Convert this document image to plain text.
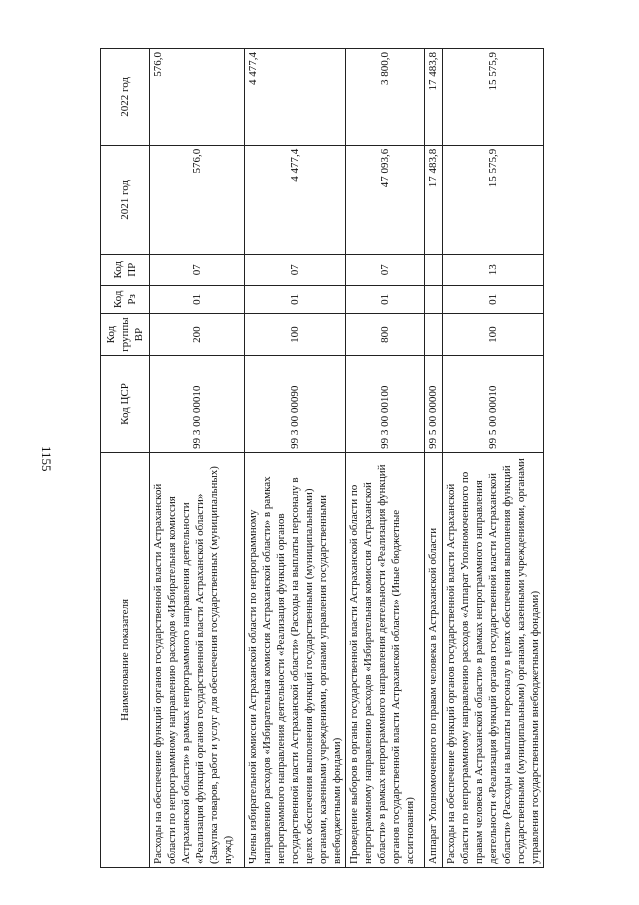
1155
Наименование показателя	Код ЦСР	Код группы ВР	Код Рз	Код ПР	2021 год	2022 год
Расходы на обеспечение функций органов государственной власти Астраханской области по непрограммному направлению расходов «Избирательная комиссия Астраханской области» в рамках непрограммного направления деятельности «Реализация функций органов государственной власти Астраханской области» (Закупка товаров, работ и услуг для обеспечения государственных (муниципальных) нужд)	99 3 00 00010	200	01	07	576,0	576,0
Члены избирательной комиссии Астраханской области по непрограммному направлению расходов «Избирательная комиссия Астраханской области» в рамках непрограммного направления деятельности «Реализация функций органов государственной власти Астраханской области» (Расходы на выплаты персоналу в целях обеспечения выполнения функций государственными (муниципальными) органами, казенными учреждениями, органами управления государственными внебюджетными фондами)	99 3 00 00090	100	01	07	4 477,4	4 477,4
Проведение выборов в органы государственной власти Астраханской области по непрограммному направлению расходов «Избирательная комиссия Астраханской области» в рамках непрограммного направления деятельности «Реализация функций органов государственной власти Астраханской области» (Иные бюджетные ассигнования)	99 3 00 00100	800	01	07	47 093,6	3 800,0
Аппарат Уполномоченного по правам человека в Астраханской области	99 5 00 00000				17 483,8	17 483,8
Расходы на обеспечение функций органов государственной власти Астраханской области по непрограммному направлению расходов «Аппарат Уполномоченного по правам человека в Астраханской области» в рамках непрограммного направления деятельности «Реализация функций органов государственной власти Астраханской области» (Расходы на выплаты персоналу в целях обеспечения выполнения функций государственными (муниципальными) органами, казенными учреждениями, органами управления государственными внебюджетными фондами)	99 5 00 00010	100	01	13	15 575,9	15 575,9
